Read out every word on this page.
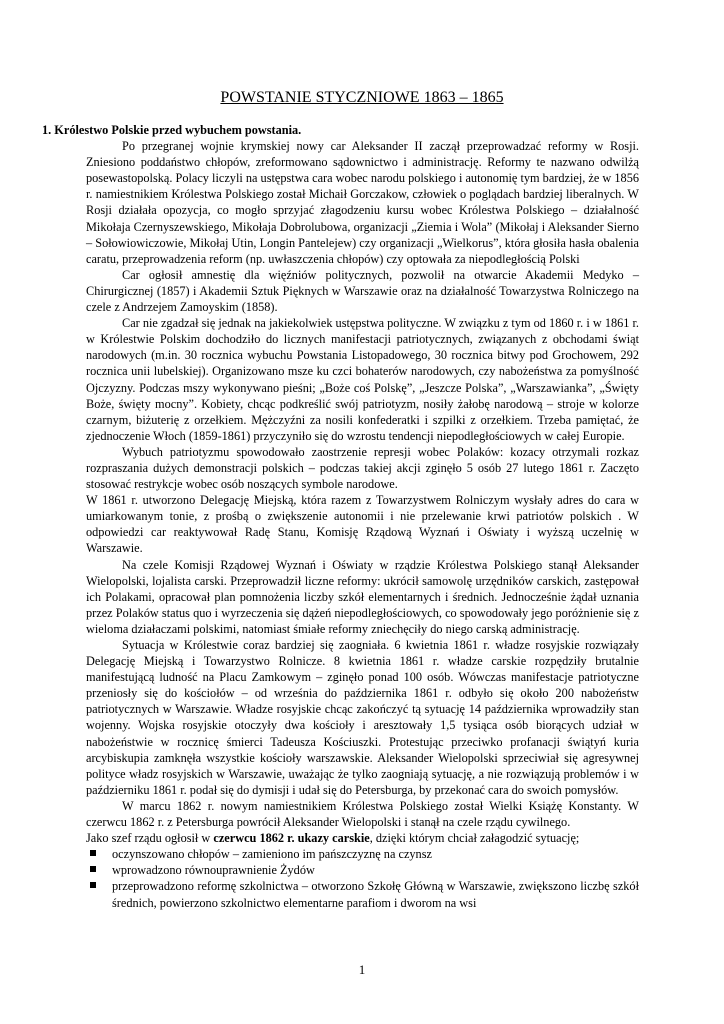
POWSTANIE STYCZNIOWE 1863 – 1865

1. Królestwo Polskie przed wybuchem powstania.

Po przegranej wojnie krymskiej nowy car Aleksander II zaczął przeprowadzać reformy w Rosji. Zniesiono poddaństwo chłopów, zreformowano sądownictwo i administrację. Reformy te nazwano odwilżą posewastopolską. Polacy liczyli na ustępstwa cara wobec narodu polskiego i autonomię tym bardziej, że w 1856 r. namiestnikiem Królestwa Polskiego został Michaił Gorczakow, człowiek o poglądach bardziej liberalnych. W Rosji działała opozycja, co mogło sprzyjać złagodzeniu kursu wobec Królestwa Polskiego – działalność Mikołaja Czernyszewskiego, Mikołaja Dobrolubowa, organizacji „Ziemia i Wola” (Mikołaj i Aleksander Sierno – Sołowiowiczowie, Mikołaj Utin, Longin Pantelejew) czy organizacji „Wielkorus”, która głosiła hasła obalenia caratu, przeprowadzenia reform (np. uwłaszczenia chłopów) czy optowała za niepodległością Polski

Car ogłosił amnestię dla więźniów politycznych, pozwolił na otwarcie Akademii Medyko – Chirurgicznej (1857) i Akademii Sztuk Pięknych w Warszawie oraz na działalność Towarzystwa Rolniczego na czele z Andrzejem Zamoyskim (1858).

Car nie zgadzał się jednak na jakiekolwiek ustępstwa polityczne. W związku z tym od 1860 r. i w 1861 r. w Królestwie Polskim dochodziło do licznych manifestacji patriotycznych, związanych z obchodami świąt narodowych (m.in. 30 rocznica wybuchu Powstania Listopadowego, 30 rocznica bitwy pod Grochowem, 292 rocznica unii lubelskiej). Organizowano msze ku czci bohaterów narodowych, czy nabożeństwa za pomyślność Ojczyzny. Podczas mszy wykonywano pieśni; „Boże coś Polskę”, „Jeszcze Polska”, „Warszawianka”, „Święty Boże, święty mocny”. Kobiety, chcąc podkreślić swój patriotyzm, nosiły żałobę narodową – stroje w kolorze czarnym, biżuterię z orzełkiem. Mężczyźni za nosili konfederatki i szpilki z orzełkiem. Trzeba pamiętać, że zjednoczenie Włoch (1859-1861) przyczyniło się do wzrostu tendencji niepodległościowych w całej Europie.

Wybuch patriotyzmu spowodowało zaostrzenie represji wobec Polaków: kozacy otrzymali rozkaz rozpraszania dużych demonstracji polskich – podczas takiej akcji zginęło 5 osób 27 lutego 1861 r. Zaczęto stosować restrykcje wobec osób noszących symbole narodowe.

W 1861 r. utworzono Delegację Miejską, która razem z Towarzystwem Rolniczym wysłały adres do cara w umiarkowanym tonie, z prośbą o zwiększenie autonomii i nie przelewanie krwi patriotów polskich . W odpowiedzi car reaktywował Radę Stanu, Komisję Rządową Wyznań i Oświaty i wyższą uczelnię w Warszawie.

Na czele Komisji Rządowej Wyznań i Oświaty w rządzie Królestwa Polskiego stanął Aleksander Wielopolski, lojalista carski. Przeprowadził liczne reformy: ukrócił samowolę urzędników carskich, zastępował ich Polakami, opracował plan pomnożenia liczby szkół elementarnych i średnich. Jednocześnie żądał uznania przez Polaków status quo i wyrzeczenia się dążeń niepodległościowych, co spowodowały jego poróżnienie się z wieloma działaczami polskimi, natomiast śmiałe reformy zniechęciły do niego carską administrację.

Sytuacja w Królestwie coraz bardziej się zaogniała. 6 kwietnia 1861 r. władze rosyjskie rozwiązały Delegację Miejską i Towarzystwo Rolnicze. 8 kwietnia 1861 r. władze carskie rozpędziły brutalnie manifestującą ludność na Placu Zamkowym – zginęło ponad 100 osób. Wówczas manifestacje patriotyczne przeniosły się do kościołów – od września do października 1861 r. odbyło się około 200 nabożeństw patriotycznych w Warszawie. Władze rosyjskie chcąc zakończyć tą sytuację 14 października wprowadziły stan wojenny. Wojska rosyjskie otoczyły dwa kościoły i aresztowały 1,5 tysiąca osób biorących udział w nabożeństwie w rocznicę śmierci Tadeusza Kościuszki. Protestując przeciwko profanacji świątyń kuria arcybiskupia zamknęła wszystkie kościoły warszawskie. Aleksander Wielopolski sprzeciwiał się agresywnej polityce władz rosyjskich w Warszawie, uważając że tylko zaogniają sytuację, a nie rozwiązują problemów i w październiku 1861 r. podał się do dymisji i udał się do Petersburga, by przekonać cara do swoich pomysłów.

W marcu 1862 r. nowym namiestnikiem Królestwa Polskiego został Wielki Książę Konstanty. W czerwcu 1862 r. z Petersburga powrócił Aleksander Wielopolski i stanął na czele rządu cywilnego.

Jako szef rządu ogłosił w czerwcu 1862 r. ukazy carskie, dzięki którym chciał załagodzić sytuację;

oczynszowano chłopów – zamieniono im pańszczyznę na czynsz
wprowadzono równouprawnienie Żydów
przeprowadzono reformę szkolnictwa – otworzono Szkołę Główną w Warszawie, zwiększono liczbę szkół średnich, powierzono szkolnictwo elementarne parafiom i dworom na wsi
1
